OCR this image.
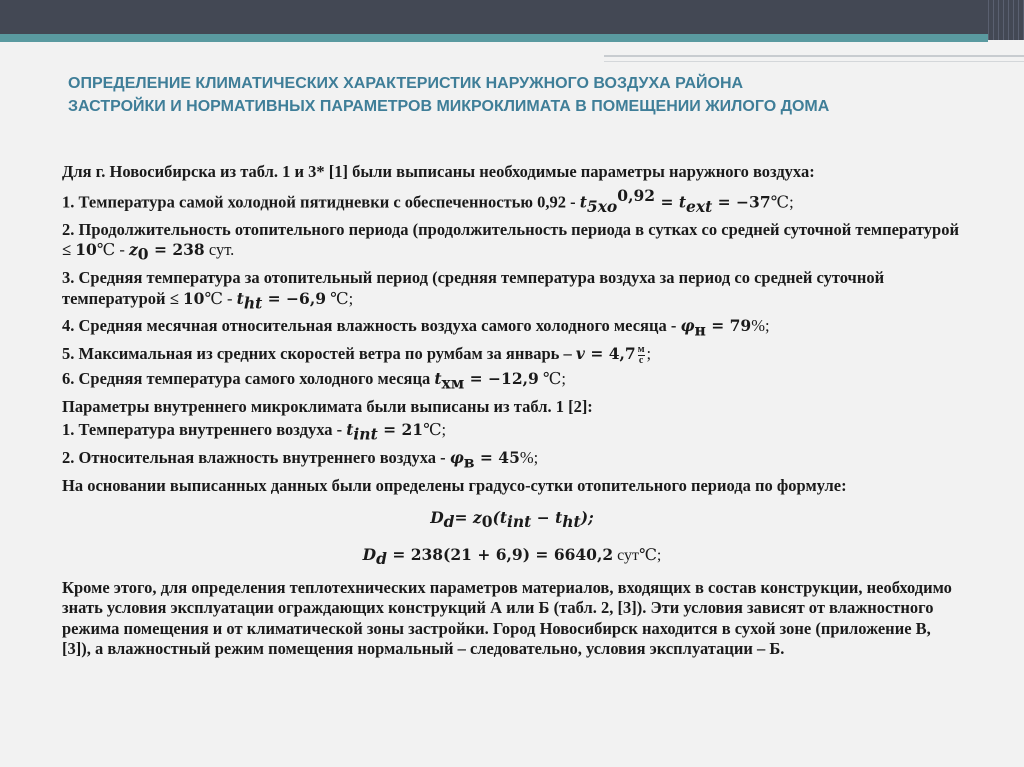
ОПРЕДЕЛЕНИЕ КЛИМАТИЧЕСКИХ ХАРАКТЕРИСТИК НАРУЖНОГО ВОЗДУХА РАЙОНА
ЗАСТРОЙКИ И НОРМАТИВНЫХ ПАРАМЕТРОВ МИКРОКЛИМАТА В ПОМЕЩЕНИИ ЖИЛОГО ДОМА

Для г. Новосибирска из табл. 1 и 3* [1] были выписаны необходимые параметры наружного воздуха:

1. Температура самой холодной пятидневки с обеспеченностью $0,92 - t_{5хо}^{0,92} = t_{ext}$ = −37℃;

2. Продолжительность отопительного периода (продолжительность периода в сутках со средней суточной температурой ≤ 10℃ - $z_0 = 238$ сут.

3. Средняя температура за отопительный период (средняя температура воздуха за период со средней суточной температурой ≤ 10℃ - $t_{ht} = -6,9$ ℃;

4. Средняя месячная относительная влажность воздуха самого холодного месяца - $\varphi_н = 79\%$;

5. Максимальная из средних скоростей ветра по румбам за январь – $v = 4,7 \frac{м}{с}$ ;

6. Средняя температура самого холодного месяца $t_{хм} = -12,9$ ℃;

Параметры внутреннего микроклимата были выписаны из табл. 1 [2]:

1. Температура внутреннего воздуха - $t_{int}$ = 21℃;

2. Относительная влажность внутреннего воздуха - $\varphi_в = 45\%$;

На основании выписанных данных были определены градусо-сутки отопительного периода по формуле:

$D_d= z_0(t_{int} - t_{ht})$;

$D_d = 238(21 + 6,9) = 6640,2$ сут℃;

Кроме этого, для определения теплотехнических параметров материалов, входящих в состав конструкции, необходимо знать условия эксплуатации ограждающих конструкций А или Б (табл. 2, [3]). Эти условия зависят от влажностного режима помещения и от климатической зоны застройки. Город Новосибирск находится в сухой зоне (приложение В, [3]), а влажностный режим помещения нормальный – следовательно, условия эксплуатации – Б.
